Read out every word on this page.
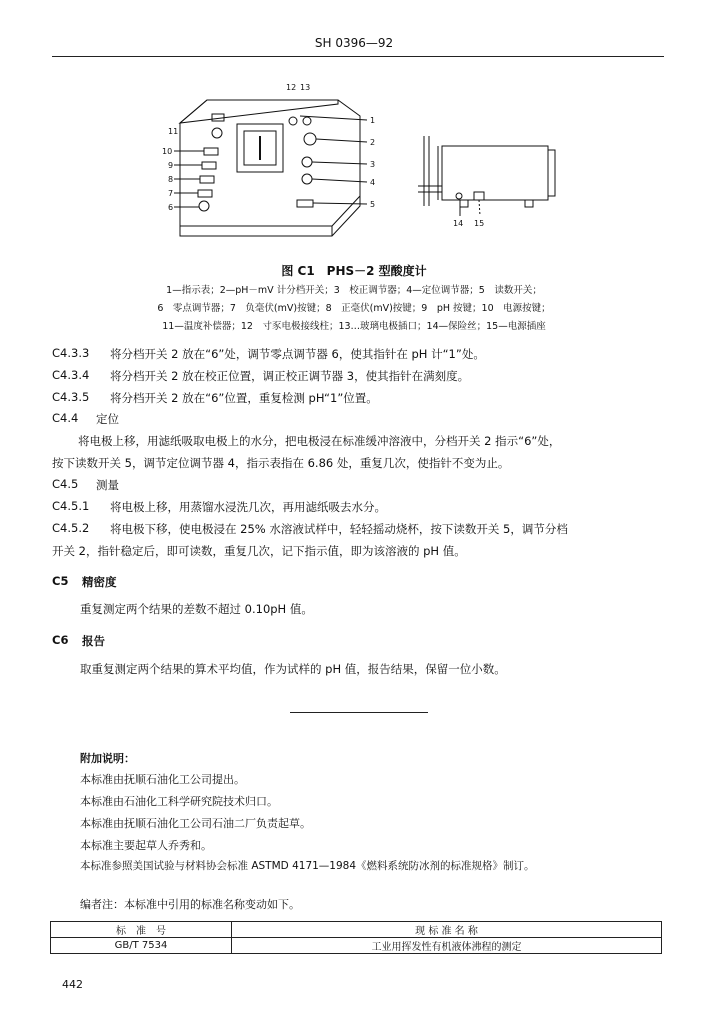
SH 0396—92
12 13
11
10
9
8
7
6
1
2
3
4
5
14 15
图 C1　PHS－2 型酸度计
1—指示表；2—pH－mV 计分档开关；3　校正调节器；4—定位调节器；5　读数开关；
6　零点调节器；7　负毫伏(mV)按键；8　正毫伏(mV)按键；9　pH 按键；10　电源按键；
11—温度补偿器；12　寸豕电极接线柱；13…玻璃电极插口；14—保险丝；15—电源插座
C4.3.3 将分档开关 2 放在“6”处，调节零点调节器 6，使其指针在 pH 计“1”处。
C4.3.4 将分档开关 2 放在校正位置，调正校正调节器 3，使其指针在满刻度。
C4.3.5 将分档开关 2 放在“6”位置，重复检测 pH“1”位置。
C4.4 定位
将电极上移，用滤纸吸取电极上的水分，把电极浸在标准缓冲溶液中，分档开关 2 指示“6”处，
按下读数开关 5，调节定位调节器 4，指示表指在 6.86 处，重复几次，使指针不变为止。
C4.5 测量
C4.5.1 将电极上移，用蒸馏水浸洗几次，再用滤纸吸去水分。
C4.5.2 将电极下移，使电极浸在 25% 水溶液试样中，轻轻摇动烧杯，按下读数开关 5，调节分档
开关 2，指针稳定后，即可读数，重复几次，记下指示值，即为该溶液的 pH 值。
C5 精密度
重复测定两个结果的差数不超过 0.10pH 值。
C6 报告
取重复测定两个结果的算术平均值，作为试样的 pH 值，报告结果，保留一位小数。
附加说明：
本标准由抚顺石油化工公司提出。
本标准由石油化工科学研究院技术归口。
本标准由抚顺石油化工公司石油二厂负责起草。
本标准主要起草人乔秀和。
本标准参照美国试验与材料协会标准 ASTMD 4171—1984《燃料系统防冰剂的标准规格》制订。
编者注：本标准中引用的标准名称变动如下。
标　准　号	现 标 准 名 称
GB/T 7534	工业用挥发性有机液体沸程的测定
442
